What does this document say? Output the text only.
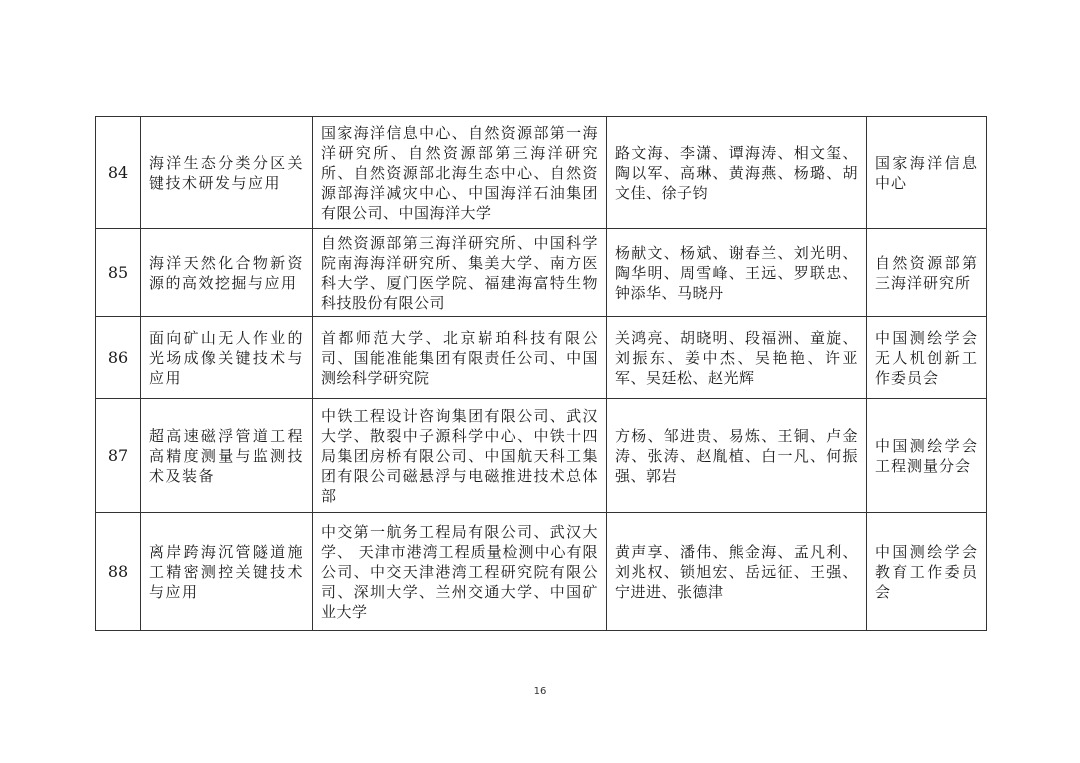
84	海洋生态分类分区关键技术研发与应用	国家海洋信息中心、自然资源部第一海洋研究所、自然资源部第三海洋研究所、自然资源部北海生态中心、自然资源部海洋减灾中心、中国海洋石油集团有限公司、中国海洋大学	路文海、李潇、谭海涛、相文玺、陶以军、高琳、黄海燕、杨璐、胡文佳、徐子钧	国家海洋信息中心
85	海洋天然化合物新资源的高效挖掘与应用	自然资源部第三海洋研究所、中国科学院南海海洋研究所、集美大学、南方医科大学、厦门医学院、福建海富特生物科技股份有限公司	杨献文、杨斌、谢春兰、刘光明、陶华明、周雪峰、王远、罗联忠、钟添华、马晓丹	自然资源部第三海洋研究所
86	面向矿山无人作业的光场成像关键技术与应用	首都师范大学、北京崭珀科技有限公司、国能准能集团有限责任公司、中国测绘科学研究院	关鸿亮、胡晓明、段福洲、童旋、刘振东、姜中杰、吴艳艳、许亚军、吴廷松、赵光辉	中国测绘学会无人机创新工作委员会
87	超高速磁浮管道工程高精度测量与监测技术及装备	中铁工程设计咨询集团有限公司、武汉大学、散裂中子源科学中心、中铁十四局集团房桥有限公司、中国航天科工集团有限公司磁悬浮与电磁推进技术总体部	方杨、邹进贵、易炼、王铜、卢金涛、张涛、赵胤植、白一凡、何振强、郭岩	中国测绘学会工程测量分会
88	离岸跨海沉管隧道施工精密测控关键技术与应用	中交第一航务工程局有限公司、武汉大学、 天津市港湾工程质量检测中心有限公司、中交天津港湾工程研究院有限公司、深圳大学、兰州交通大学、中国矿业大学	黄声享、潘伟、熊金海、孟凡利、刘兆权、锁旭宏、岳远征、王强、宁进进、张德津	中国测绘学会教育工作委员会
16
